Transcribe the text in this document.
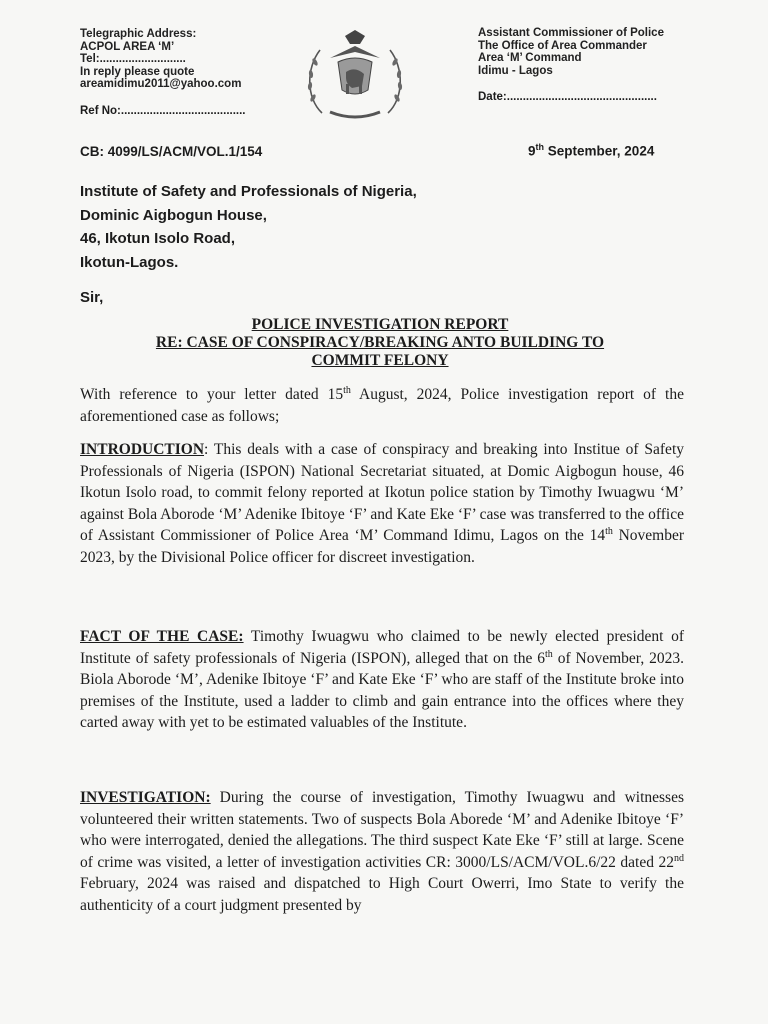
Telegraphic Address:
ACPOL AREA ‘M’
Tel:...........................
In reply please quote
areamidimu2011@yahoo.com
Ref No:.......................................
Assistant Commissioner of Police
The Office of Area Commander
Area ‘M’ Command
Idimu - Lagos
Date:...............................................
CB: 4099/LS/ACM/VOL.1/154	9th September, 2024
Institute of Safety and Professionals of Nigeria,
Dominic Aigbogun House,
46, Ikotun Isolo Road,
Ikotun-Lagos.
Sir,
POLICE INVESTIGATION REPORT
RE: CASE OF CONSPIRACY/BREAKING ANTO BUILDING TO
COMMIT FELONY
With reference to your letter dated 15th August, 2024, Police investigation report of the aforementioned case as follows;
INTRODUCTION: This deals with a case of conspiracy and breaking into Institue of Safety Professionals of Nigeria (ISPON) National Secretariat situated, at Domic Aigbogun house, 46 Ikotun Isolo road, to commit felony reported at Ikotun police station by Timothy Iwuagwu ‘M’ against Bola Aborode ‘M’ Adenike Ibitoye ‘F’ and Kate Eke ‘F’ case was transferred to the office of Assistant Commissioner of Police Area ‘M’ Command Idimu, Lagos on the 14th November 2023, by the Divisional Police officer for discreet investigation.
FACT OF THE CASE: Timothy Iwuagwu who claimed to be newly elected president of Institute of safety professionals of Nigeria (ISPON), alleged that on the 6th of November, 2023. Biola Aborode ‘M’, Adenike Ibitoye ‘F’ and Kate Eke ‘F’ who are staff of the Institute broke into premises of the Institute, used a ladder to climb and gain entrance into the offices where they carted away with yet to be estimated valuables of the Institute.
INVESTIGATION: During the course of investigation, Timothy Iwuagwu and witnesses volunteered their written statements. Two of suspects Bola Aborede ‘M’ and Adenike Ibitoye ‘F’ who were interrogated, denied the allegations. The third suspect Kate Eke ‘F’ still at large. Scene of crime was visited, a letter of investigation activities CR: 3000/LS/ACM/VOL.6/22 dated 22nd February, 2024 was raised and dispatched to High Court Owerri, Imo State to verify the authenticity of a court judgment presented by
